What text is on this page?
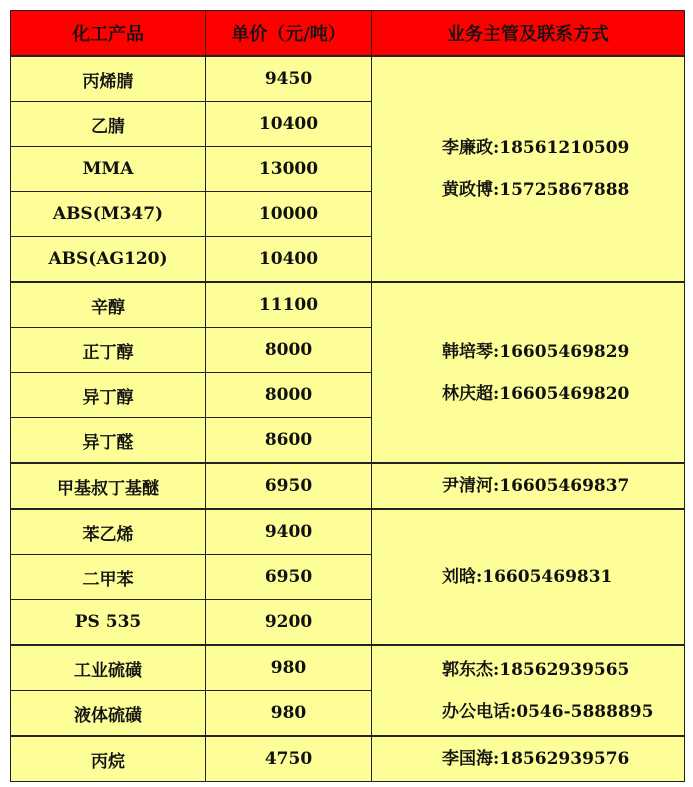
化工产品	单价（元/吨）	业务主管及联系方式
丙烯腈	9450	李廉政:18561210509
黄政博:15725867888

乙腈	10400	
MMA	13000	
ABS(M347)	10000	
ABS(AG120)	10400	
辛醇	11100	韩培琴:16605469829
林庆超:16605469820

正丁醇	8000	
异丁醇	8000	
异丁醛	8600	
甲基叔丁基醚	6950	尹清河:16605469837

苯乙烯	9400	刘晗:16605469831

二甲苯	6950	
PS 535	9200	
工业硫磺	980	郭东杰:18562939565
办公电话:0546-5888895

液体硫磺	980	
丙烷	4750	李国海:18562939576
